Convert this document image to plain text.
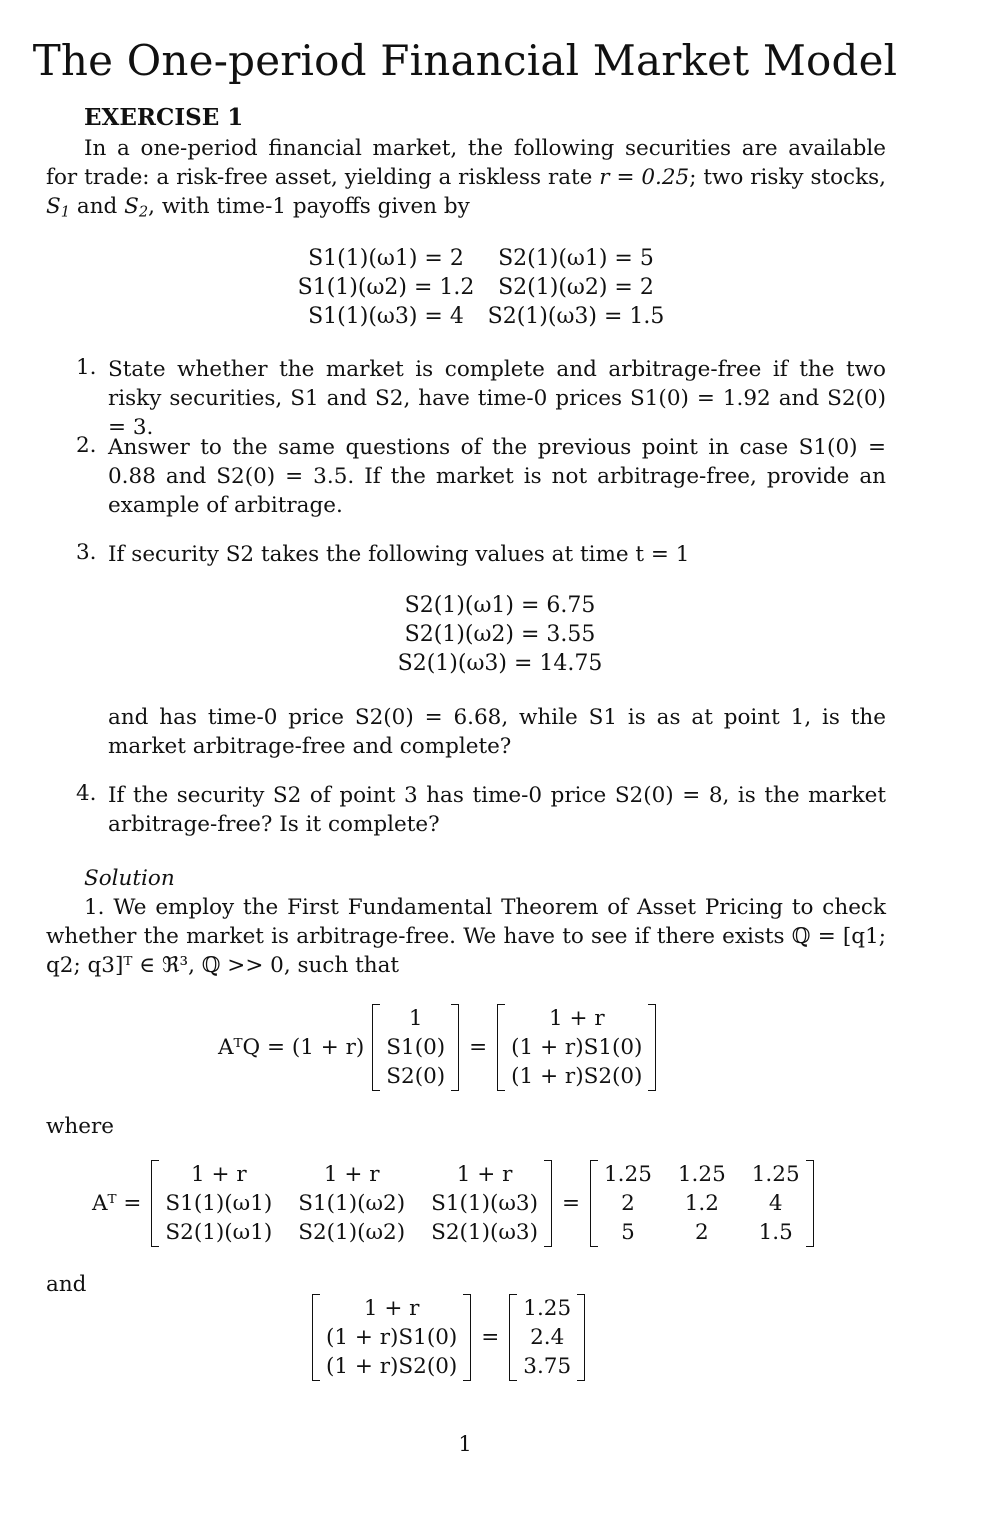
The One-period Financial Market Model
EXERCISE 1
In a one-period financial market, the following securities are available for trade: a risk-free asset, yielding a riskless rate r = 0.25; two risky stocks, $S_1$ and $S_2$, with time-1 payoffs given by
S1(1)(ω1) = 2 S2(1)(ω1) = 5
S1(1)(ω2) = 1.2 S2(1)(ω2) = 2
S1(1)(ω3) = 4 S2(1)(ω3) = 1.5
1. State whether the market is complete and arbitrage-free if the two risky securities, S1 and S2, have time-0 prices S1(0) = 1.92 and S2(0) = 3.
2. Answer to the same questions of the previous point in case S1(0) = 0.88 and S2(0) = 3.5. If the market is not arbitrage-free, provide an example of arbitrage.
3. If security S2 takes the following values at time t = 1
S2(1)(ω1) = 6.75
S2(1)(ω2) = 3.55
S2(1)(ω3) = 14.75
and has time-0 price S2(0) = 6.68, while S1 is as at point 1, is the market arbitrage-free and complete?
4. If the security S2 of point 3 has time-0 price S2(0) = 8, is the market arbitrage-free? Is it complete?
Solution
1. We employ the First Fundamental Theorem of Asset Pricing to check whether the market is arbitrage-free. We have to see if there exists ℚ = [q1; q2; q3]ᵀ ∈ ℜ³, ℚ >> 0, such that
AᵀQ = (1 + r)
1
S1(0)
S2(0)
=
1 + r
(1 + r)S1(0)
(1 + r)S2(0)
where
Aᵀ =
1 + r	1 + r	1 + r
S1(1)(ω1) S1(1)(ω2) S1(1)(ω3)
S2(1)(ω1) S2(1)(ω2) S2(1)(ω3)
=
1.25 1.25 1.25
2 1.2 4
5	2 1.5
and
1 + r
(1 + r)S1(0)
(1 + r)S2(0)
=
1.25
2.4
3.75
1
